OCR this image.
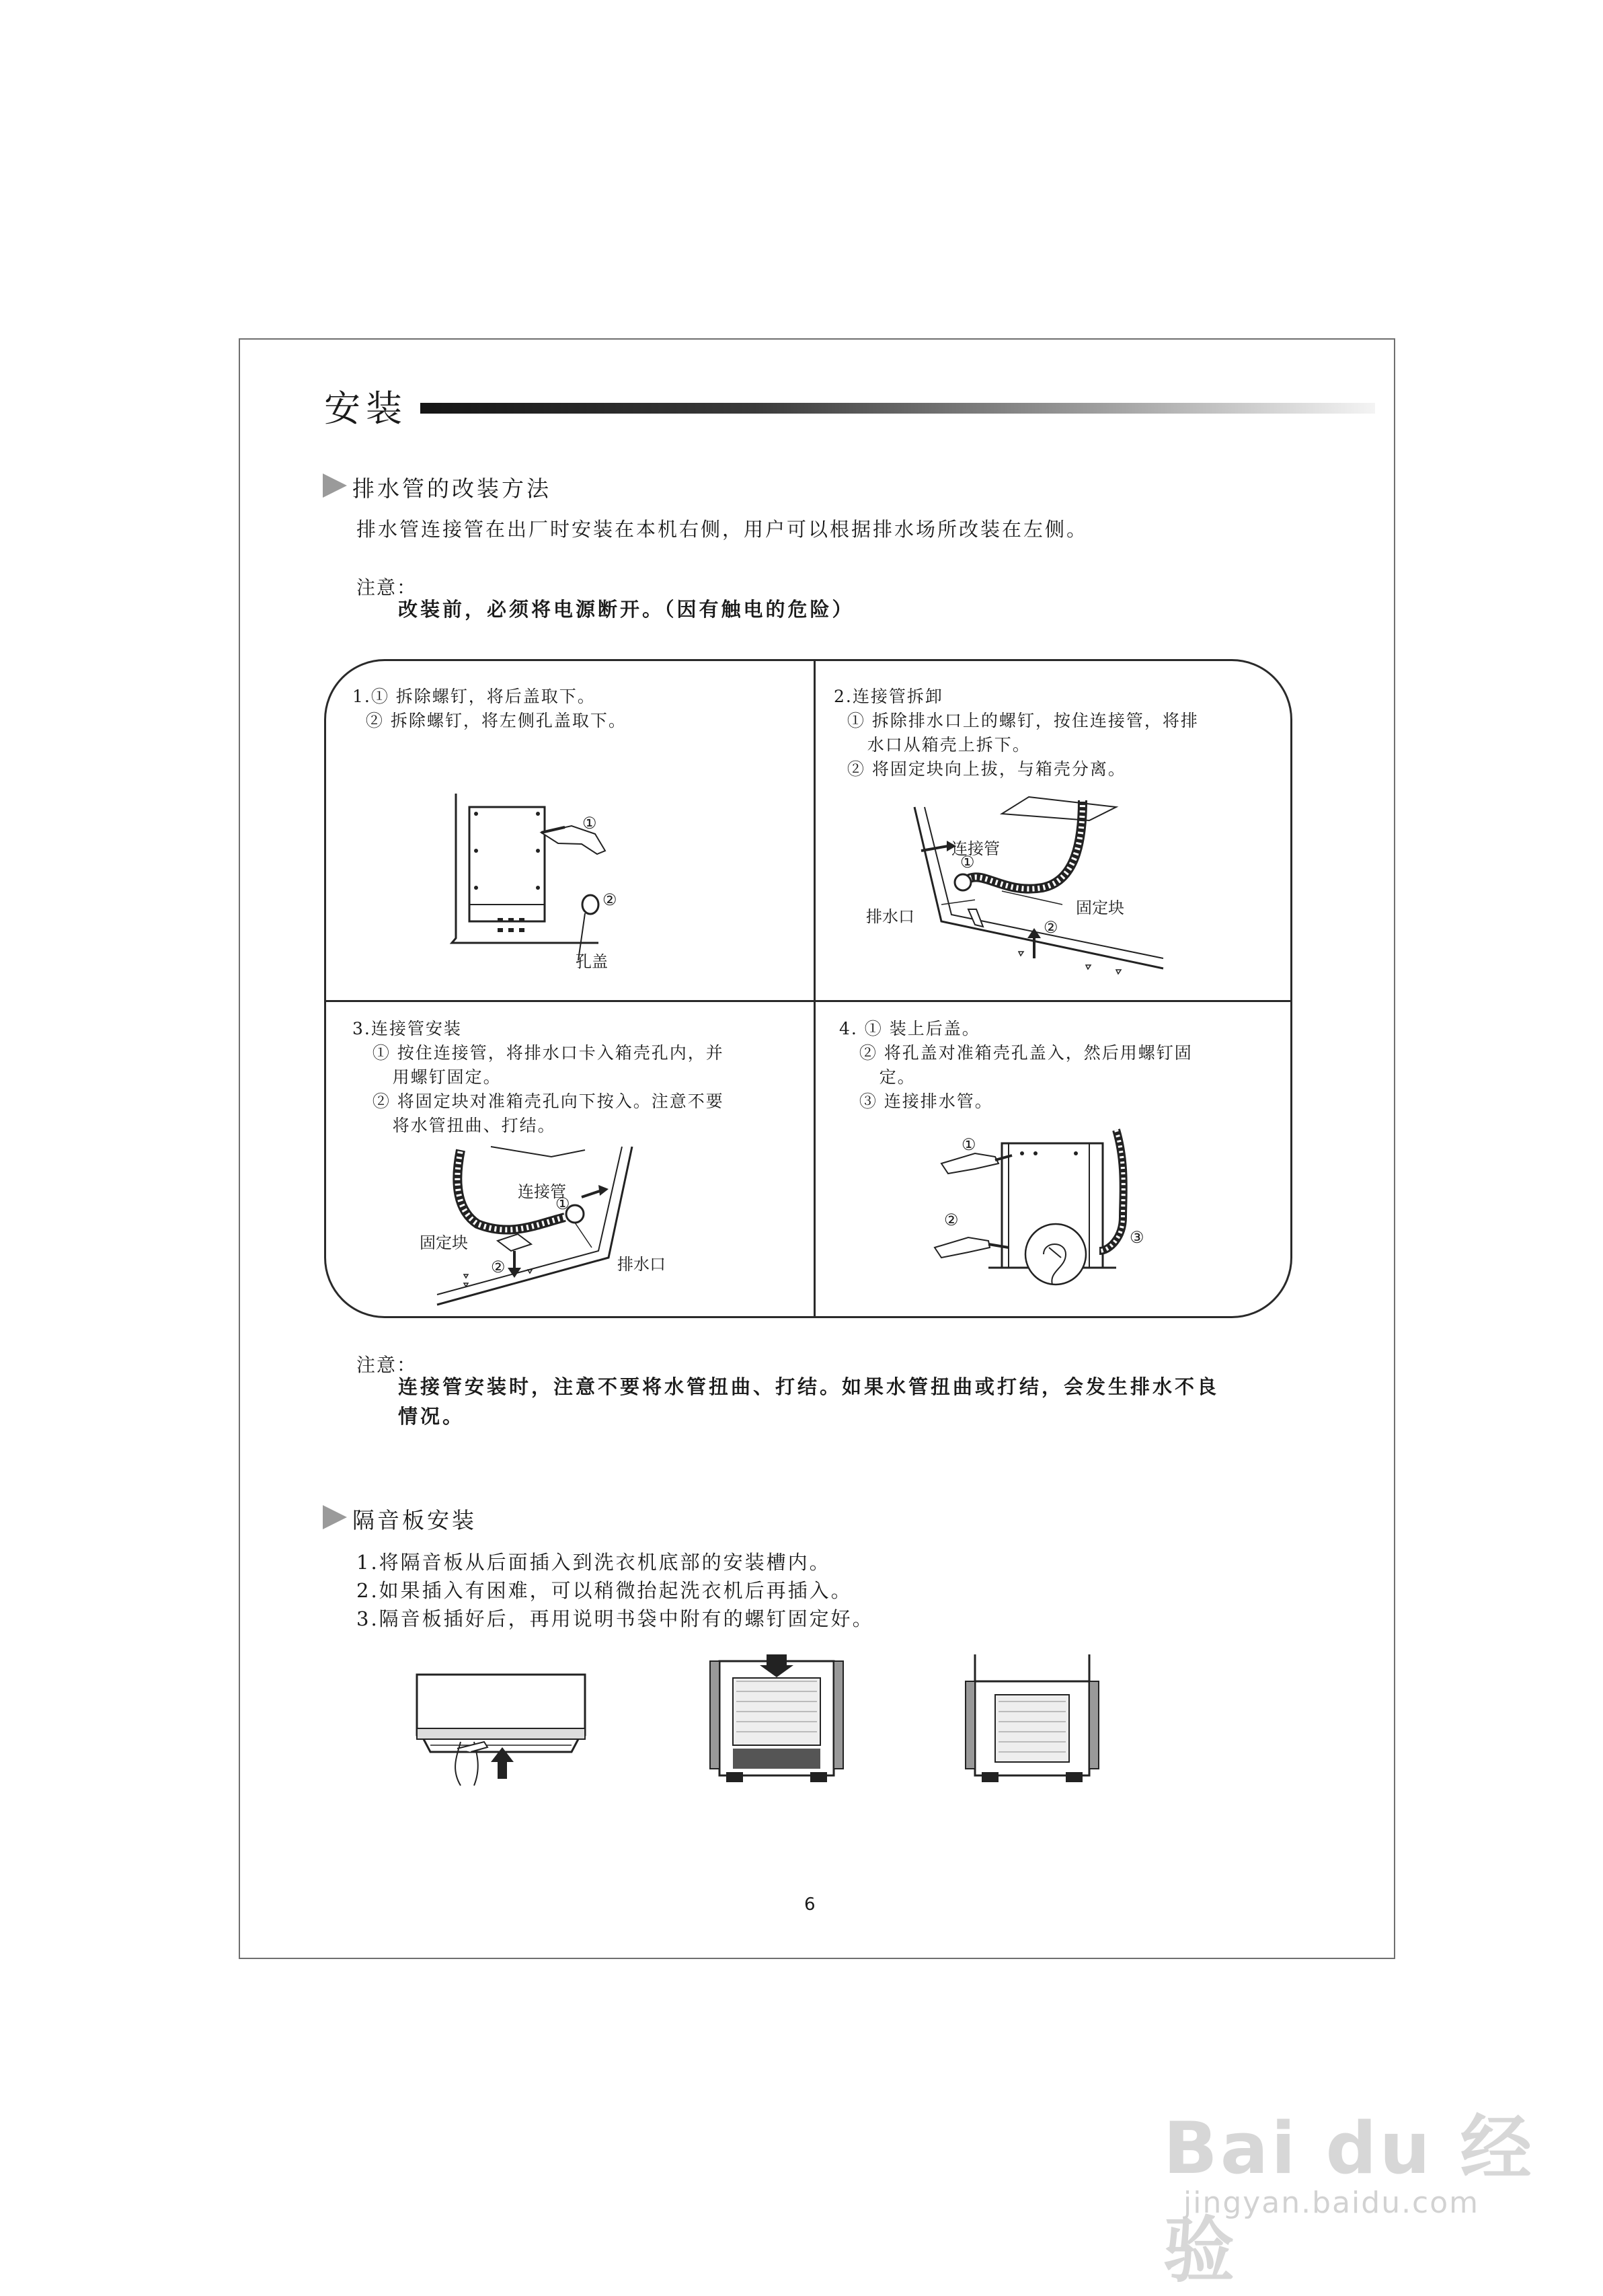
安装
排水管的改装方法
排水管连接管在出厂时安装在本机右侧，用户可以根据排水场所改装在左侧。
注意：
改装前，必须将电源断开。（因有触电的危险）
1.① 拆除螺钉，将后盖取下。
② 拆除螺钉，将左侧孔盖取下。
①
②
孔盖
2.连接管拆卸
① 拆除排水口上的螺钉，按住连接管，将排
水口从箱壳上拆下。
② 将固定块向上拔，与箱壳分离。
连接管
①
固定块
排水口
②
3.连接管安装
① 按住连接管，将排水口卡入箱壳孔内，并
用螺钉固定。
② 将固定块对准箱壳孔向下按入。注意不要
将水管扭曲、打结。
连接管
①
固定块
②	排水口
4. ① 装上后盖。
② 将孔盖对准箱壳孔盖入，然后用螺钉固
定。
③ 连接排水管。
①
②
③
注意：
连接管安装时，注意不要将水管扭曲、打结。如果水管扭曲或打结，会发生排水不良
情况。
隔音板安装
1.将隔音板从后面插入到洗衣机底部的安装槽内。
2.如果插入有困难，可以稍微抬起洗衣机后再插入。
3.隔音板插好后，再用说明书袋中附有的螺钉固定好。
6
Bai du 经验
jingyan.baidu.com
